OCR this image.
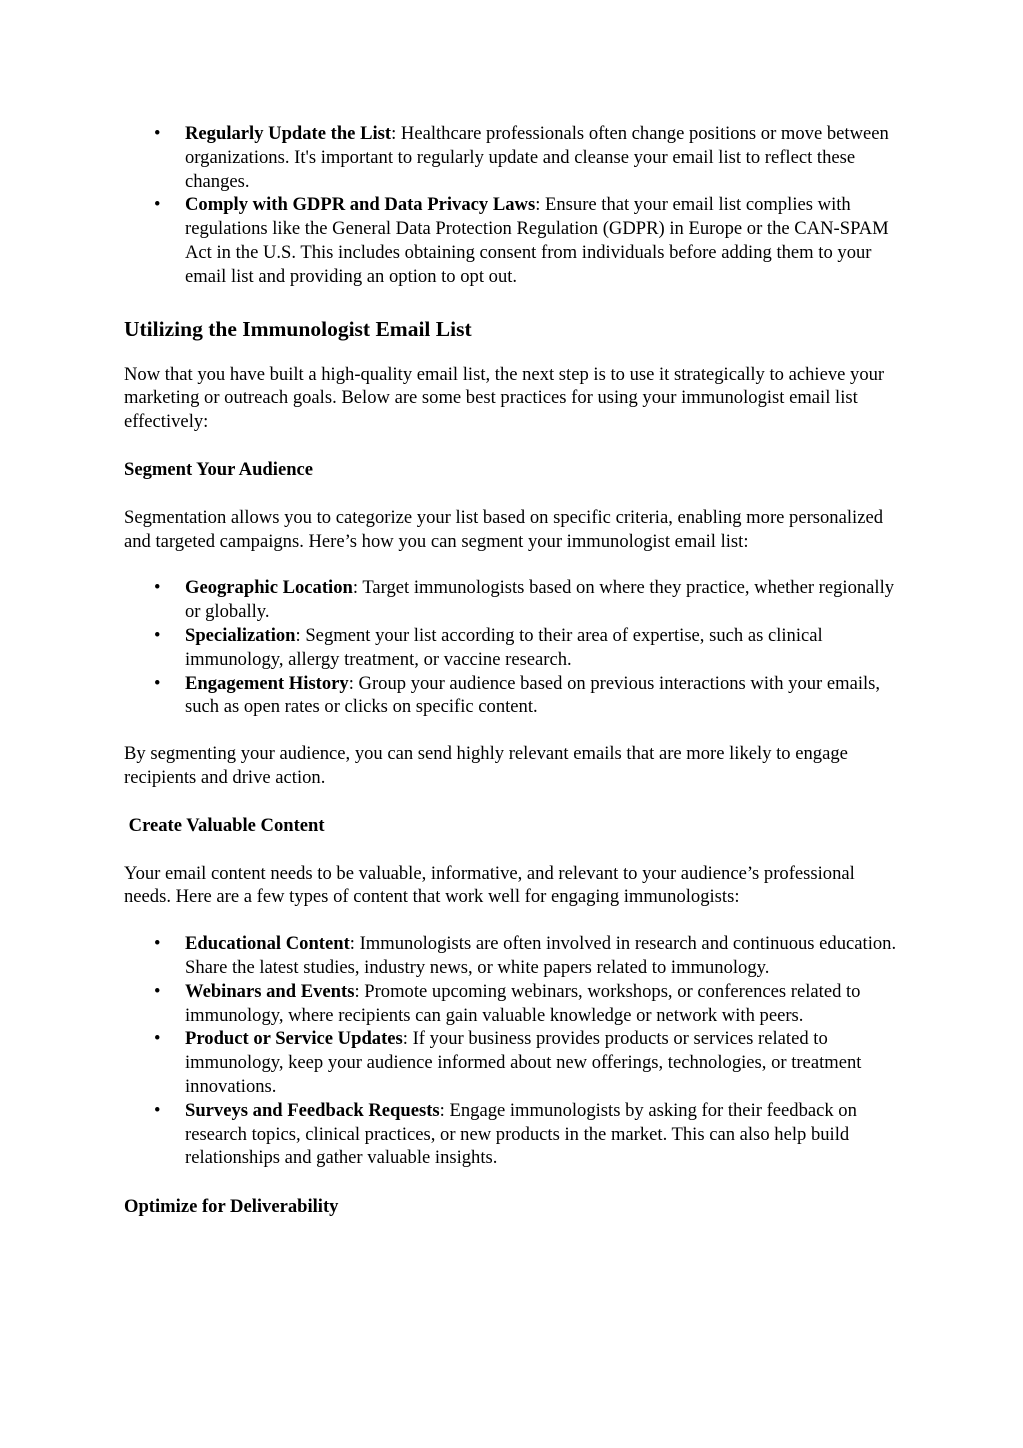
• Regularly Update the List: Healthcare professionals often change positions or move between organizations. It's important to regularly update and cleanse your email list to reflect these changes.
• Comply with GDPR and Data Privacy Laws: Ensure that your email list complies with regulations like the General Data Protection Regulation (GDPR) in Europe or the CAN-SPAM Act in the U.S. This includes obtaining consent from individuals before adding them to your email list and providing an option to opt out.
Utilizing the Immunologist Email List

Now that you have built a high-quality email list, the next step is to use it strategically to achieve your marketing or outreach goals. Below are some best practices for using your immunologist email list effectively:

Segment Your Audience

Segmentation allows you to categorize your list based on specific criteria, enabling more personalized and targeted campaigns. Here’s how you can segment your immunologist email list:

• Geographic Location: Target immunologists based on where they practice, whether regionally or globally.
• Specialization: Segment your list according to their area of expertise, such as clinical immunology, allergy treatment, or vaccine research.
• Engagement History: Group your audience based on previous interactions with your emails, such as open rates or clicks on specific content.

By segmenting your audience, you can send highly relevant emails that are more likely to engage recipients and drive action.

Create Valuable Content

Your email content needs to be valuable, informative, and relevant to your audience’s professional needs. Here are a few types of content that work well for engaging immunologists:

• Educational Content: Immunologists are often involved in research and continuous education. Share the latest studies, industry news, or white papers related to immunology.
• Webinars and Events: Promote upcoming webinars, workshops, or conferences related to immunology, where recipients can gain valuable knowledge or network with peers.
• Product or Service Updates: If your business provides products or services related to immunology, keep your audience informed about new offerings, technologies, or treatment innovations.
• Surveys and Feedback Requests: Engage immunologists by asking for their feedback on research topics, clinical practices, or new products in the market. This can also help build relationships and gather valuable insights.
Optimize for Deliverability
